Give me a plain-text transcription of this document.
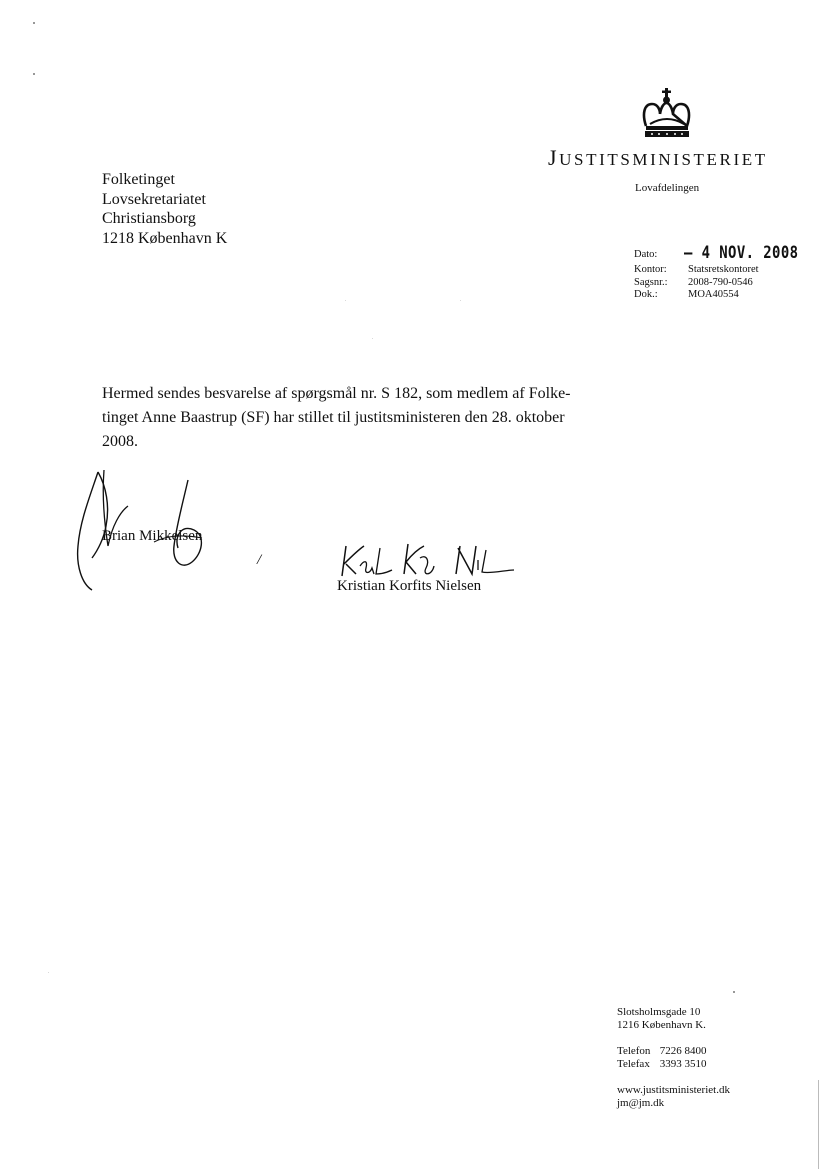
JUSTITSMINISTERIET
Lovafdelingen
Folketinget
Lovsekretariatet
Christiansborg
1218 København K
Dato:	– 4 NOV. 2008
Kontor:	Statsretskontoret
Sagsnr.:	2008-790-0546
Dok.:	MOA40554
Hermed sendes besvarelse af spørgsmål nr. S 182, som medlem af Folke-
tinget Anne Baastrup (SF) har stillet til justitsministeren den 28. oktober
2008.
Brian Mikkelsen
/
Kristian Korfits Nielsen
Slotsholmsgade 10
1216 København K.
Telefon 7226 8400
Telefax 3393 3510
www.justitsministeriet.dk
jm@jm.dk
